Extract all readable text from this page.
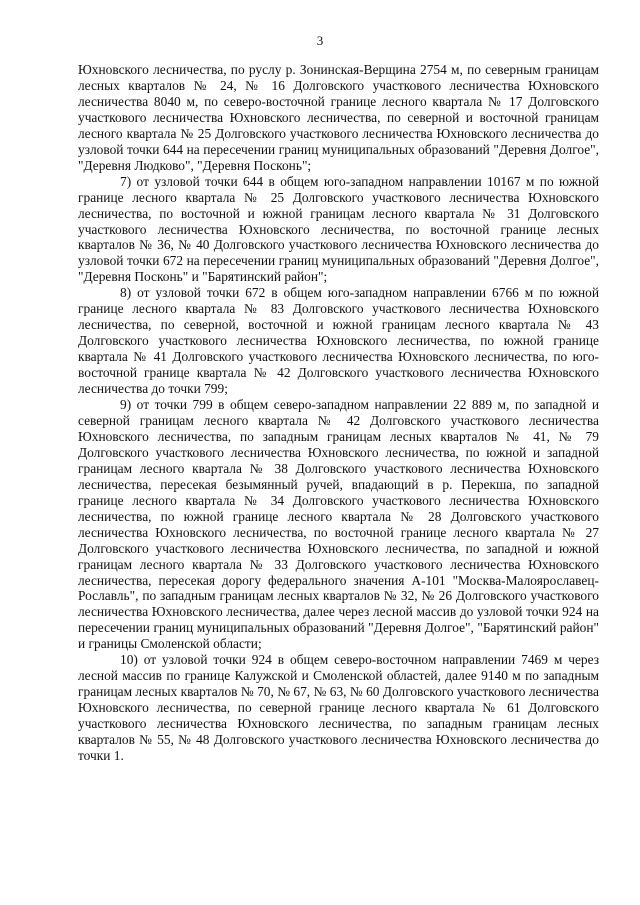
3

Юхновского лесничества, по руслу р. Зонинская-Верщина 2754 м, по северным границам лесных кварталов № 24, № 16 Долговского участкового лесничества Юхновского лесничества 8040 м, по северо-восточной границе лесного квартала № 17 Долговского участкового лесничества Юхновского лесничества, по северной и восточной границам лесного квартала № 25 Долговского участкового лесничества Юхновского лесничества до узловой точки 644 на пересечении границ муниципальных образований "Деревня Долгое", "Деревня Людково", "Деревня Посконь";

7) от узловой точки 644 в общем юго-западном направлении 10167 м по южной границе лесного квартала № 25 Долговского участкового лесничества Юхновского лесничества, по восточной и южной границам лесного квартала № 31 Долговского участкового лесничества Юхновского лесничества, по восточной границе лесных кварталов № 36, № 40 Долговского участкового лесничества Юхновского лесничества до узловой точки 672 на пересечении границ муниципальных образований "Деревня Долгое", "Деревня Посконь" и "Барятинский район";

8) от узловой точки 672 в общем юго-западном направлении 6766 м по южной границе лесного квартала № 83 Долговского участкового лесничества Юхновского лесничества, по северной, восточной и южной границам лесного квартала № 43 Долговского участкового лесничества Юхновского лесничества, по южной границе квартала № 41 Долговского участкового лесничества Юхновского лесничества, по юго-восточной границе квартала № 42 Долговского участкового лесничества Юхновского лесничества до точки 799;

9) от точки 799 в общем северо-западном направлении 22 889 м, по западной и северной границам лесного квартала № 42 Долговского участкового лесничества Юхновского лесничества, по западным границам лесных кварталов № 41, № 79 Долговского участкового лесничества Юхновского лесничества, по южной и западной границам лесного квартала № 38 Долговского участкового лесничества Юхновского лесничества, пересекая безымянный ручей, впадающий в р. Перекша, по западной границе лесного квартала № 34 Долговского участкового лесничества Юхновского лесничества, по южной границе лесного квартала № 28 Долговского участкового лесничества Юхновского лесничества, по восточной границе лесного квартала № 27 Долговского участкового лесничества Юхновского лесничества, по западной и южной границам лесного квартала № 33 Долговского участкового лесничества Юхновского лесничества, пересекая дорогу федерального значения А-101 "Москва-Малоярославец-Рославль", по западным границам лесных кварталов № 32, № 26 Долговского участкового лесничества Юхновского лесничества, далее через лесной массив до узловой точки 924 на пересечении границ муниципальных образований "Деревня Долгое", "Барятинский район" и границы Смоленской области;

10) от узловой точки 924 в общем северо-восточном направлении 7469 м через лесной массив по границе Калужской и Смоленской областей, далее 9140 м по западным границам лесных кварталов № 70, № 67, № 63, № 60 Долговского участкового лесничества Юхновского лесничества, по северной границе лесного квартала № 61 Долговского участкового лесничества Юхновского лесничества, по западным границам лесных кварталов № 55, № 48 Долговского участкового лесничества Юхновского лесничества до точки 1.
